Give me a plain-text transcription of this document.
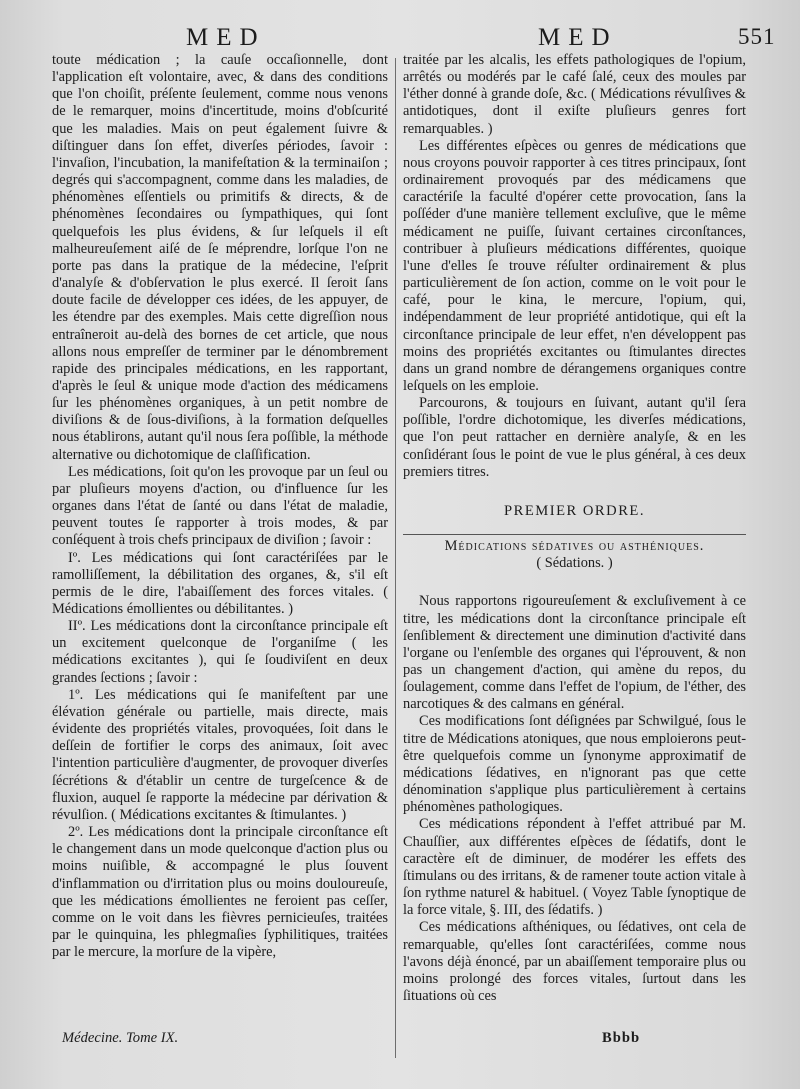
MED	MED	551

toute médication ; la cauſe occaſionnelle, dont l'application eſt volontaire, avec, & dans des conditions que l'on choiſit, préſente ſeulement, comme nous venons de le remarquer, moins d'incertitude, moins d'obſcurité que les maladies. Mais on peut également ſuivre & diſtinguer dans ſon effet, diverſes périodes, ſavoir : l'invaſion, l'incubation, la manifeſtation & la terminaiſon ; degrés qui s'accompagnent, comme dans les maladies, de phénomènes eſſentiels ou primitifs & directs, & de phénomènes ſecondaires ou ſympathiques, qui ſont quelquefois les plus évidens, & ſur leſquels il eſt malheureuſement aiſé de ſe méprendre, lorſque l'on ne porte pas dans la pratique de la médecine, l'eſprit d'analyſe & d'obſervation le plus exercé. Il ſeroit ſans doute facile de développer ces idées, de les appuyer, de les étendre par des exemples. Mais cette digreſſion nous entraîneroit au-delà des bornes de cet article, que nous allons nous empreſſer de terminer par le dénombrement rapide des principales médications, en les rapportant, d'après le ſeul & unique mode d'action des médicamens ſur les phénomènes organiques, à un petit nombre de diviſions & de ſous-diviſions, à la formation deſquelles nous établirons, autant qu'il nous ſera poſſible, la méthode alternative ou dichotomique de claſſification.

Les médications, ſoit qu'on les provoque par un ſeul ou par pluſieurs moyens d'action, ou d'influence ſur les organes dans l'état de ſanté ou dans l'état de maladie, peuvent toutes ſe rapporter à trois modes, & par conſéquent à trois chefs principaux de diviſion ; ſavoir :

Iº. Les médications qui ſont caractériſées par le ramolliſſement, la débilitation des organes, &, s'il eſt permis de le dire, l'abaiſſement des forces vitales. ( Médications émollientes ou débilitantes. )

IIº. Les médications dont la circonſtance principale eſt un excitement quelconque de l'organiſme ( les médications excitantes ), qui ſe ſoudiviſent en deux grandes ſections ; ſavoir :

1º. Les médications qui ſe manifeſtent par une élévation générale ou partielle, mais directe, mais évidente des propriétés vitales, provoquées, ſoit dans le deſſein de fortifier le corps des animaux, ſoit avec l'intention particulière d'augmenter, de provoquer diverſes ſécrétions & d'établir un centre de turgeſcence & de fluxion, auquel ſe rapporte la médecine par dérivation & révulſion. ( Médications excitantes & ſtimulantes. )

2º. Les médications dont la principale circonſtance eſt le changement dans un mode quelconque d'action plus ou moins nuiſible, & accompagné le plus ſouvent d'inflammation ou d'irritation plus ou moins douloureuſe, que les médications émollientes ne feroient pas ceſſer, comme on le voit dans les fièvres pernicieuſes, traitées par le quinquina, les phlegmaſies ſyphilitiques, traitées par le mercure, la morſure de la vipère,

traitée par les alcalis, les effets pathologiques de l'opium, arrêtés ou modérés par le café ſalé, ceux des moules par l'éther donné à grande doſe, &c. ( Médications révulſives & antidotiques, dont il exiſte pluſieurs genres fort remarquables. )

Les différentes eſpèces ou genres de médications que nous croyons pouvoir rapporter à ces titres principaux, ſont ordinairement provoqués par des médicamens que caractériſe la faculté d'opérer cette provocation, ſans la poſſéder d'une manière tellement excluſive, que le même médicament ne puiſſe, ſuivant certaines circonſtances, contribuer à pluſieurs médications différentes, quoique l'une d'elles ſe trouve réſulter ordinairement & plus particulièrement de ſon action, comme on le voit pour le café, pour le kina, le mercure, l'opium, qui, indépendamment de leur propriété antidotique, qui eſt la circonſtance principale de leur effet, n'en développent pas moins des propriétés excitantes ou ſtimulantes directes dans un grand nombre de dérangemens organiques contre leſquels on les emploie.

Parcourons, & toujours en ſuivant, autant qu'il ſera poſſible, l'ordre dichotomique, les diverſes médications, que l'on peut rattacher en dernière analyſe, & en les conſidérant ſous le point de vue le plus général, à ces deux premiers titres.

PREMIER ORDRE.

Médications sédatives ou asthéniques.

( Sédations. )

Nous rapportons rigoureuſement & excluſivement à ce titre, les médications dont la circonſtance principale eſt ſenſiblement & directement une diminution d'activité dans l'organe ou l'enſemble des organes qui l'éprouvent, & non pas un changement d'action, qui amène du repos, du ſoulagement, comme dans l'effet de l'opium, de l'éther, des narcotiques & des calmans en général.

Ces modifications ſont déſignées par Schwilgué, ſous le titre de Médications atoniques, que nous emploierons peut-être quelquefois comme un ſynonyme approximatif de médications ſédatives, en n'ignorant pas que cette dénomination s'applique plus particulièrement à certains phénomènes pathologiques.

Ces médications répondent à l'effet attribué par M. Chauſſier, aux différentes eſpèces de ſédatifs, dont le caractère eſt de diminuer, de modérer les effets des ſtimulans ou des irritans, & de ramener toute action vitale à ſon rythme naturel & habituel. ( Voyez Table ſynoptique de la force vitale, §. III, des ſédatifs. )

Ces médications aſthéniques, ou ſédatives, ont cela de remarquable, qu'elles ſont caractériſées, comme nous l'avons déjà énoncé, par un abaiſſement temporaire plus ou moins prolongé des forces vitales, ſurtout dans les ſituations où ces

Médecine. Tome IX.	Bbbb
